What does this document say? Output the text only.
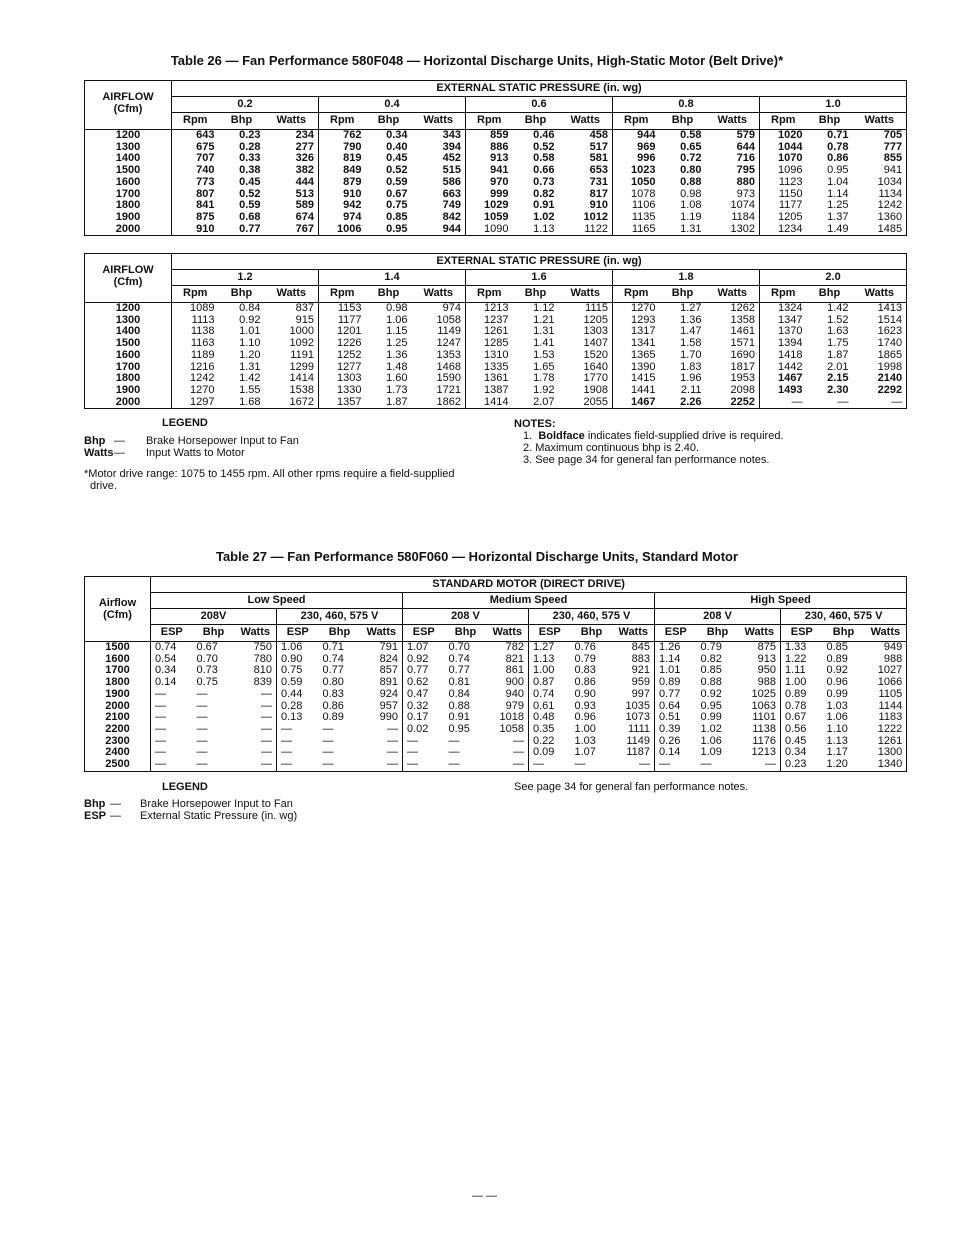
Table 26 — Fan Performance 580F048 — Horizontal Discharge Units, High-Static Motor (Belt Drive)*
AIRFLOW
(Cfm)	EXTERNAL STATIC PRESSURE (in. wg)														
	0.2			0.4			0.6			0.8			1.0		
	Rpm	Bhp	Watts	Rpm	Bhp	Watts	Rpm	Bhp	Watts	Rpm	Bhp	Watts	Rpm	Bhp	Watts
1200	643	0.23	234	762	0.34	343	859	0.46	458	944	0.58	579	1020	0.71	705
1300	675	0.28	277	790	0.40	394	886	0.52	517	969	0.65	644	1044	0.78	777
1400	707	0.33	326	819	0.45	452	913	0.58	581	996	0.72	716	1070	0.86	855
1500	740	0.38	382	849	0.52	515	941	0.66	653	1023	0.80	795	1096	0.95	941
1600	773	0.45	444	879	0.59	586	970	0.73	731	1050	0.88	880	1123	1.04	1034
1700	807	0.52	513	910	0.67	663	999	0.82	817	1078	0.98	973	1150	1.14	1134
1800	841	0.59	589	942	0.75	749	1029	0.91	910	1106	1.08	1074	1177	1.25	1242
1900	875	0.68	674	974	0.85	842	1059	1.02	1012	1135	1.19	1184	1205	1.37	1360
2000	910	0.77	767	1006	0.95	944	1090	1.13	1122	1165	1.31	1302	1234	1.49	1485
AIRFLOW
(Cfm)	EXTERNAL STATIC PRESSURE (in. wg)														
	1.2			1.4			1.6			1.8			2.0		
	Rpm	Bhp	Watts	Rpm	Bhp	Watts	Rpm	Bhp	Watts	Rpm	Bhp	Watts	Rpm	Bhp	Watts
1200	1089	0.84	837	1153	0.98	974	1213	1.12	1115	1270	1.27	1262	1324	1.42	1413
1300	1113	0.92	915	1177	1.06	1058	1237	1.21	1205	1293	1.36	1358	1347	1.52	1514
1400	1138	1.01	1000	1201	1.15	1149	1261	1.31	1303	1317	1.47	1461	1370	1.63	1623
1500	1163	1.10	1092	1226	1.25	1247	1285	1.41	1407	1341	1.58	1571	1394	1.75	1740
1600	1189	1.20	1191	1252	1.36	1353	1310	1.53	1520	1365	1.70	1690	1418	1.87	1865
1700	1216	1.31	1299	1277	1.48	1468	1335	1.65	1640	1390	1.83	1817	1442	2.01	1998
1800	1242	1.42	1414	1303	1.60	1590	1361	1.78	1770	1415	1.96	1953	1467	2.15	2140
1900	1270	1.55	1538	1330	1.73	1721	1387	1.92	1908	1441	2.11	2098	1493	2.30	2292
2000	1297	1.68	1672	1357	1.87	1862	1414	2.07	2055	1467	2.26	2252	—	—	—
LEGEND
Bhp — Brake Horsepower Input to Fan
Watts— Input Watts to Motor
*Motor drive range: 1075 to 1455 rpm. All other rpms require a field-supplied
drive.
NOTES:
1. Boldface indicates field-supplied drive is required.
2. Maximum continuous bhp is 2.40.
3. See page 34 for general fan performance notes.
Table 27 — Fan Performance 580F060 — Horizontal Discharge Units, Standard Motor
Airflow
(Cfm)	STANDARD MOTOR (DIRECT DRIVE)																	
	Low Speed						Medium Speed						High Speed					
	208V			230, 460, 575 V			208 V			230, 460, 575 V			208 V			230, 460, 575 V		
	ESP	Bhp	Watts	ESP	Bhp	Watts	ESP	Bhp	Watts	ESP	Bhp	Watts	ESP	Bhp	Watts	ESP	Bhp	Watts
1500	0.74	0.67	750	1.06	0.71	791	1.07	0.70	782	1.27	0.76	845	1.26	0.79	875	1.33	0.85	949
1600	0.54	0.70	780	0.90	0.74	824	0.92	0.74	821	1.13	0.79	883	1.14	0.82	913	1.22	0.89	988
1700	0.34	0.73	810	0.75	0.77	857	0.77	0.77	861	1.00	0.83	921	1.01	0.85	950	1.11	0.92	1027
1800	0.14	0.75	839	0.59	0.80	891	0.62	0.81	900	0.87	0.86	959	0.89	0.88	988	1.00	0.96	1066
1900	—	—	—	0.44	0.83	924	0.47	0.84	940	0.74	0.90	997	0.77	0.92	1025	0.89	0.99	1105
2000	—	—	—	0.28	0.86	957	0.32	0.88	979	0.61	0.93	1035	0.64	0.95	1063	0.78	1.03	1144
2100	—	—	—	0.13	0.89	990	0.17	0.91	1018	0.48	0.96	1073	0.51	0.99	1101	0.67	1.06	1183
2200	—	—	—	—	—	—	0.02	0.95	1058	0.35	1.00	1111	0.39	1.02	1138	0.56	1.10	1222
2300	—	—	—	—	—	—	—	—	—	0.22	1.03	1149	0.26	1.06	1176	0.45	1.13	1261
2400	—	—	—	—	—	—	—	—	—	0.09	1.07	1187	0.14	1.09	1213	0.34	1.17	1300
2500	—	—	—	—	—	—	—	—	—	—	—	—	—	—	—	0.23	1.20	1340
LEGEND
Bhp — Brake Horsepower Input to Fan
ESP — External Static Pressure (in. wg)
See page 34 for general fan performance notes.
— —
